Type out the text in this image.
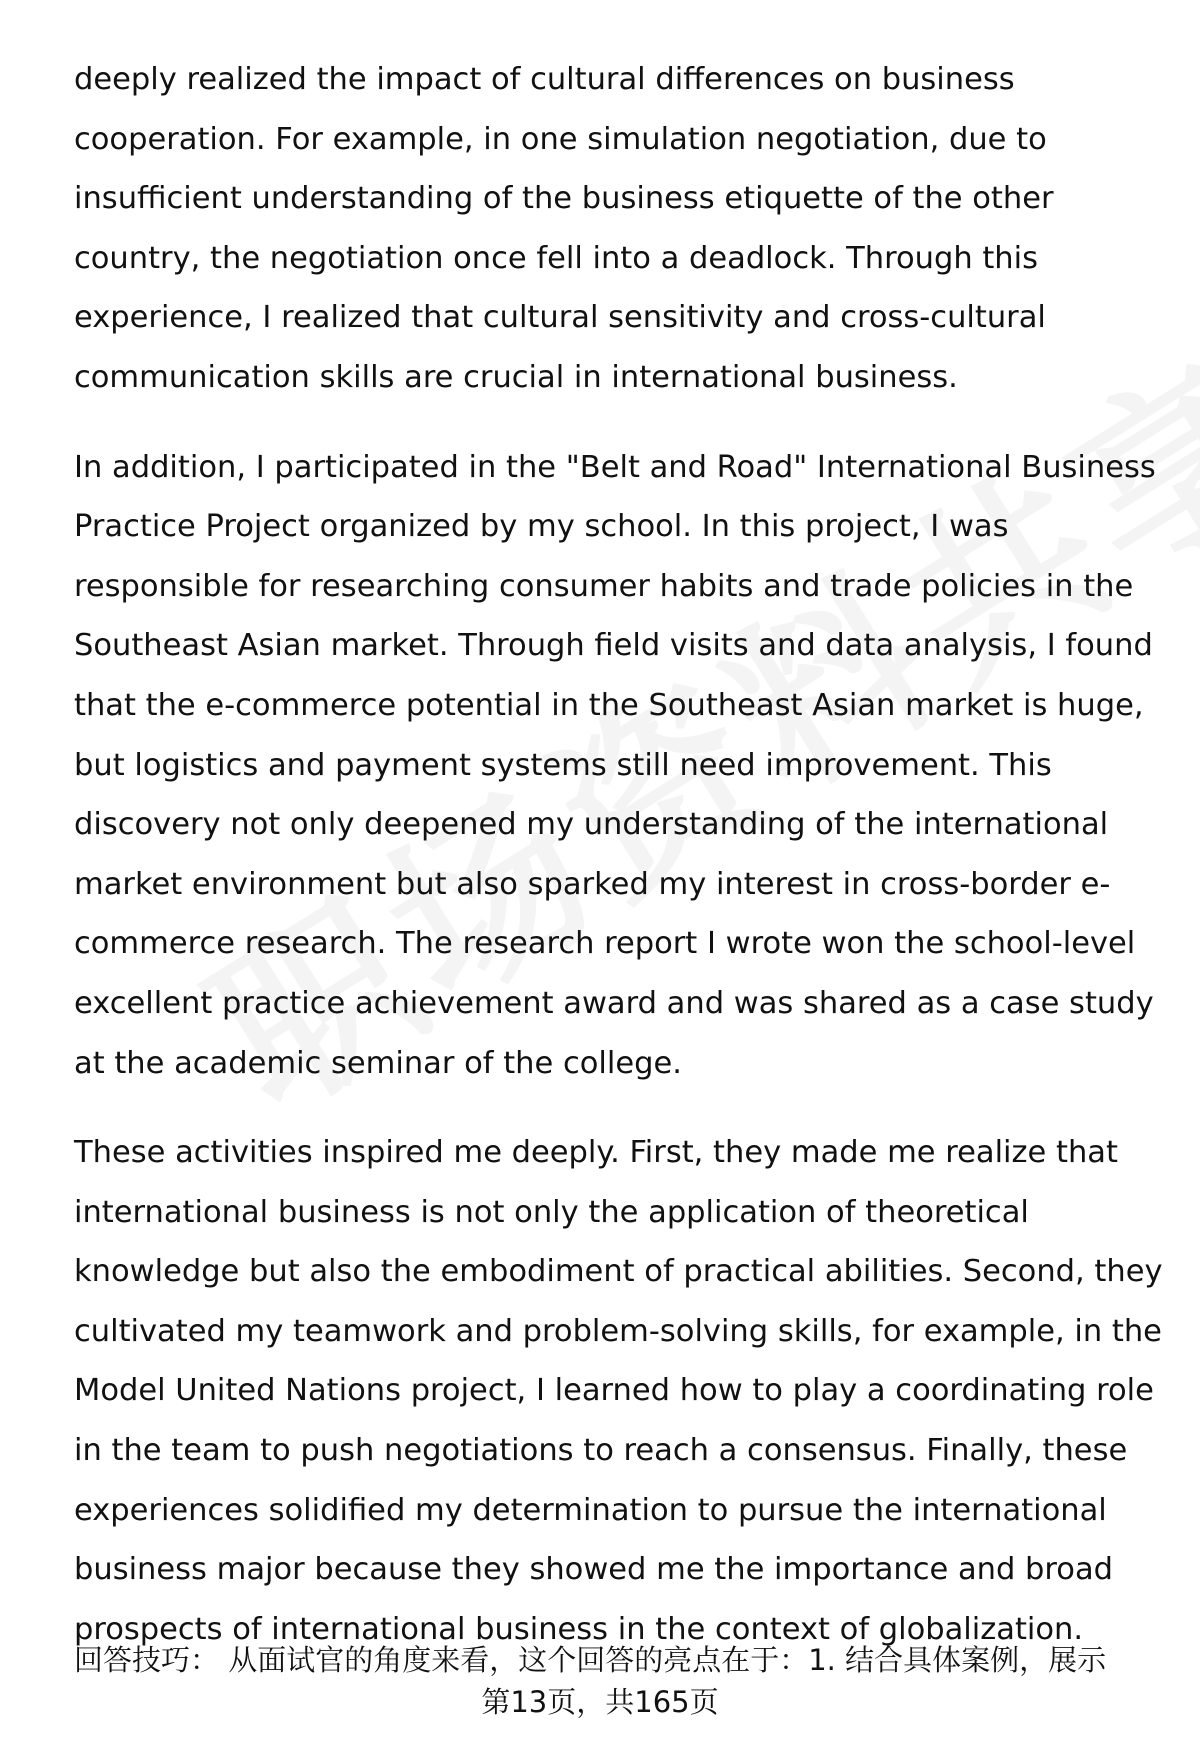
deeply realized the impact of cultural differences on business cooperation. For example, in one simulation negotiation, due to insufficient understanding of the business etiquette of the other country, the negotiation once fell into a deadlock. Through this experience, I realized that cultural sensitivity and cross-cultural communication skills are crucial in international business.

In addition, I participated in the "Belt and Road" International Business Practice Project organized by my school. In this project, I was responsible for researching consumer habits and trade policies in the Southeast Asian market. Through field visits and data analysis, I found that the e-commerce potential in the Southeast Asian market is huge, but logistics and payment systems still need improvement. This discovery not only deepened my understanding of the international market environment but also sparked my interest in cross-border e-commerce research. The research report I wrote won the school-level excellent practice achievement award and was shared as a case study at the academic seminar of the college.

These activities inspired me deeply. First, they made me realize that international business is not only the application of theoretical knowledge but also the embodiment of practical abilities. Second, they cultivated my teamwork and problem-solving skills, for example, in the Model United Nations project, I learned how to play a coordinating role in the team to push negotiations to reach a consensus. Finally, these experiences solidified my determination to pursue the international business major because they showed me the importance and broad prospects of international business in the context of globalization.

回答技巧： 从面试官的角度来看，这个回答的亮点在于：1. 结合具体案例，展示
第13页，共165页
